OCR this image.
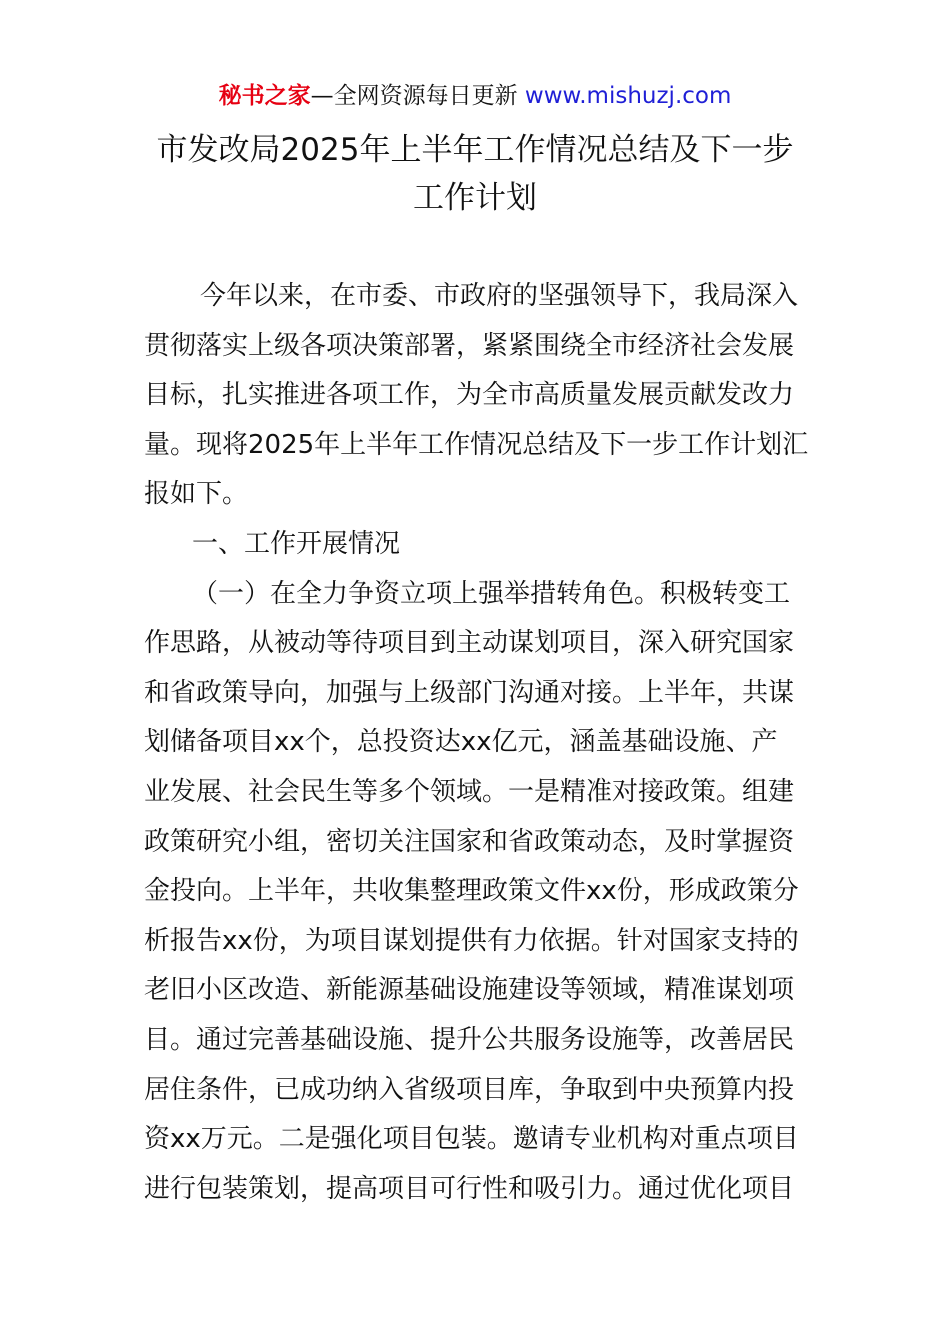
秘书之家—全网资源每日更新 www.mishuzj.com
市发改局2025年上半年工作情况总结及下一步
工作计划
今年以来，在市委、市政府的坚强领导下，我局深入
贯彻落实上级各项决策部署，紧紧围绕全市经济社会发展
目标，扎实推进各项工作，为全市高质量发展贡献发改力
量。现将2025年上半年工作情况总结及下一步工作计划汇
报如下。
一、工作开展情况
（一）在全力争资立项上强举措转角色。积极转变工
作思路，从被动等待项目到主动谋划项目，深入研究国家
和省政策导向，加强与上级部门沟通对接。上半年，共谋
划储备项目xx个，总投资达xx亿元，涵盖基础设施、产
业发展、社会民生等多个领域。一是精准对接政策。组建
政策研究小组，密切关注国家和省政策动态，及时掌握资
金投向。上半年，共收集整理政策文件xx份，形成政策分
析报告xx份，为项目谋划提供有力依据。针对国家支持的
老旧小区改造、新能源基础设施建设等领域，精准谋划项
目。通过完善基础设施、提升公共服务设施等，改善居民
居住条件，已成功纳入省级项目库，争取到中央预算内投
资xx万元。二是强化项目包装。邀请专业机构对重点项目
进行包装策划，提高项目可行性和吸引力。通过优化项目
